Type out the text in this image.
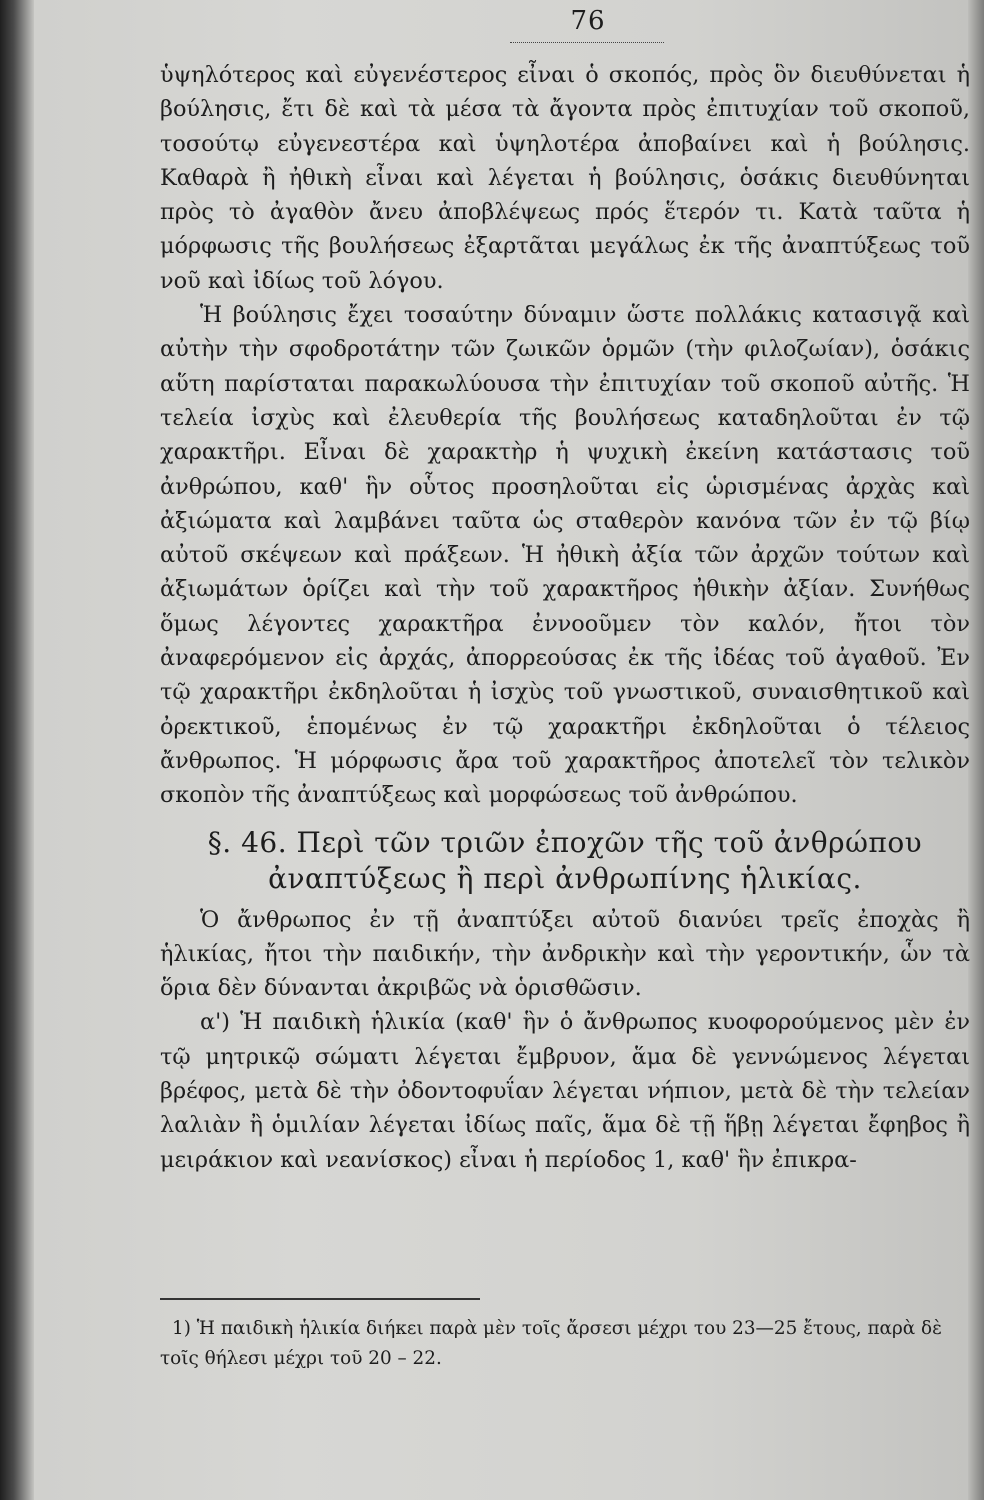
76

ὑψηλότερος καὶ εὐγενέστερος εἶναι ὁ σκοπός, πρὸς ὃν διευθύνεται ἡ βούλησις, ἔτι δὲ καὶ τὰ μέσα τὰ ἄγοντα πρὸς ἐπιτυχίαν τοῦ σκοποῦ, τοσούτῳ εὐγενεστέρα καὶ ὑψηλοτέρα ἀποβαίνει καὶ ἡ βούλησις. Καθαρὰ ἢ ἠθικὴ εἶναι καὶ λέγεται ἡ βούλησις, ὁσάκις διευθύνηται πρὸς τὸ ἀγαθὸν ἄνευ ἀποβλέψεως πρός ἕτερόν τι. Κατὰ ταῦτα ἡ μόρφωσις τῆς βουλήσεως ἐξαρτᾶται μεγάλως ἐκ τῆς ἀναπτύξεως τοῦ νοῦ καὶ ἰδίως τοῦ λόγου.

Ἡ βούλησις ἔχει τοσαύτην δύναμιν ὥστε πολλάκις κατασιγᾷ καὶ αὐτὴν τὴν σφοδροτάτην τῶν ζωικῶν ὁρμῶν (τὴν φιλοζωίαν), ὁσάκις αὕτη παρίσταται παρακωλύουσα τὴν ἐπιτυχίαν τοῦ σκοποῦ αὐτῆς. Ἡ τελεία ἰσχὺς καὶ ἐλευθερία τῆς βουλήσεως καταδηλοῦται ἐν τῷ χαρακτῆρι. Εἶναι δὲ χαρακτὴρ ἡ ψυχικὴ ἐκείνη κατάστασις τοῦ ἀνθρώπου, καθ' ἣν οὗτος προσηλοῦται εἰς ὡρισμένας ἀρχὰς καὶ ἀξιώματα καὶ λαμβάνει ταῦτα ὡς σταθερὸν κανόνα τῶν ἐν τῷ βίῳ αὐτοῦ σκέψεων καὶ πράξεων. Ἡ ἠθικὴ ἀξία τῶν ἀρχῶν τούτων καὶ ἀξιωμάτων ὁρίζει καὶ τὴν τοῦ χαρακτῆρος ἠθικὴν ἀξίαν. Συνήθως ὅμως λέγοντες χαρακτῆρα ἐννοοῦμεν τὸν καλόν, ἤτοι τὸν ἀναφερόμενον εἰς ἀρχάς, ἀπορρεούσας ἐκ τῆς ἰδέας τοῦ ἀγαθοῦ. Ἐν τῷ χαρακτῆρι ἐκδηλοῦται ἡ ἰσχὺς τοῦ γνωστικοῦ, συναισθητικοῦ καὶ ὀρεκτικοῦ, ἑπομένως ἐν τῷ χαρακτῆρι ἐκδηλοῦται ὁ τέλειος ἄνθρωπος. Ἡ μόρφωσις ἄρα τοῦ χαρακτῆρος ἀποτελεῖ τὸν τελικὸν σκοπὸν τῆς ἀναπτύξεως καὶ μορφώσεως τοῦ ἀνθρώπου.

§. 46. Περὶ τῶν τριῶν ἐποχῶν τῆς τοῦ ἀνθρώπου
ἀναπτύξεως ἢ περὶ ἀνθρωπίνης ἡλικίας.

Ὁ ἄνθρωπος ἐν τῇ ἀναπτύξει αὐτοῦ διανύει τρεῖς ἐποχὰς ἢ ἡλικίας, ἤτοι τὴν παιδικήν, τὴν ἀνδρικὴν καὶ τὴν γεροντικήν, ὧν τὰ ὅρια δὲν δύνανται ἀκριβῶς νὰ ὁρισθῶσιν.

α') Ἡ παιδικὴ ἡλικία (καθ' ἣν ὁ ἄνθρωπος κυοφορούμενος μὲν ἐν τῷ μητρικῷ σώματι λέγεται ἔμβρυον, ἅμα δὲ γεννώμενος λέγεται βρέφος, μετὰ δὲ τὴν ὀδοντοφυΐαν λέγεται νήπιον, μετὰ δὲ τὴν τελείαν λαλιὰν ἢ ὁμιλίαν λέγεται ἰδίως παῖς, ἅμα δὲ τῇ ἥβῃ λέγεται ἔφηβος ἢ μειράκιον καὶ νεανίσκος) εἶναι ἡ περίοδος 1, καθ' ἣν ἐπικρα-

1) Ἡ παιδικὴ ἡλικία διήκει παρὰ μὲν τοῖς ἄρσεσι μέχρι του 23—25 ἔτους, παρὰ δὲ τοῖς θήλεσι μέχρι τοῦ 20 – 22.
